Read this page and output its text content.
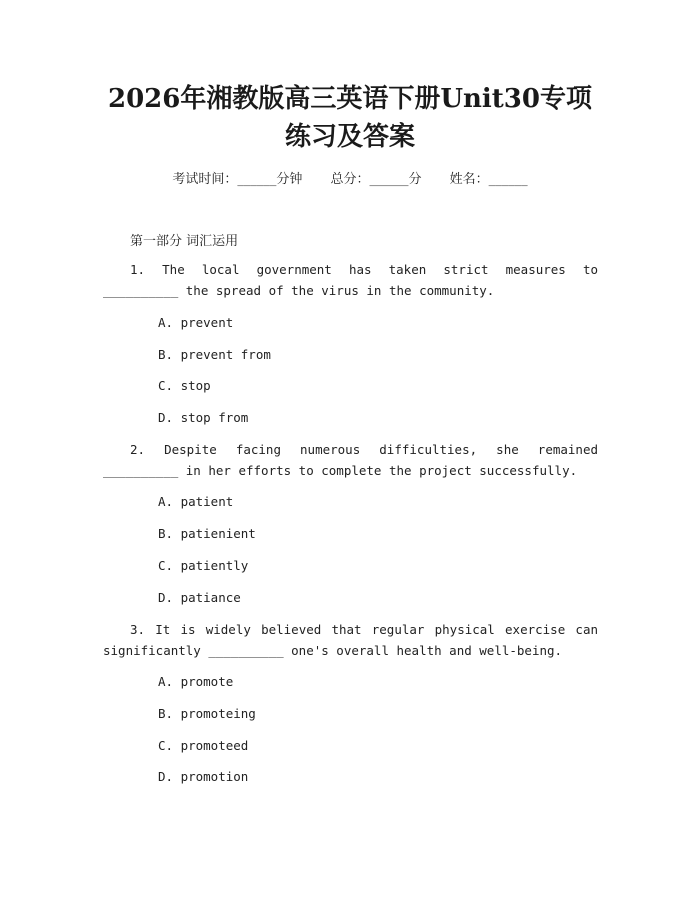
2026年湘教版高三英语下册Unit30专项练习及答案
考试时间：______分钟 总分：______分 姓名：______
第一部分 词汇运用

1. The local government has taken strict measures to __________ the spread of the virus in the community.

A. prevent
B. prevent from
C. stop
D. stop from

2. Despite facing numerous difficulties, she remained __________ in her efforts to complete the project successfully.

A. patient
B. patienient
C. patiently
D. patiance

3. It is widely believed that regular physical exercise can significantly __________ one's overall health and well-being.

A. promote
B. promoteing
C. promoteed
D. promotion
